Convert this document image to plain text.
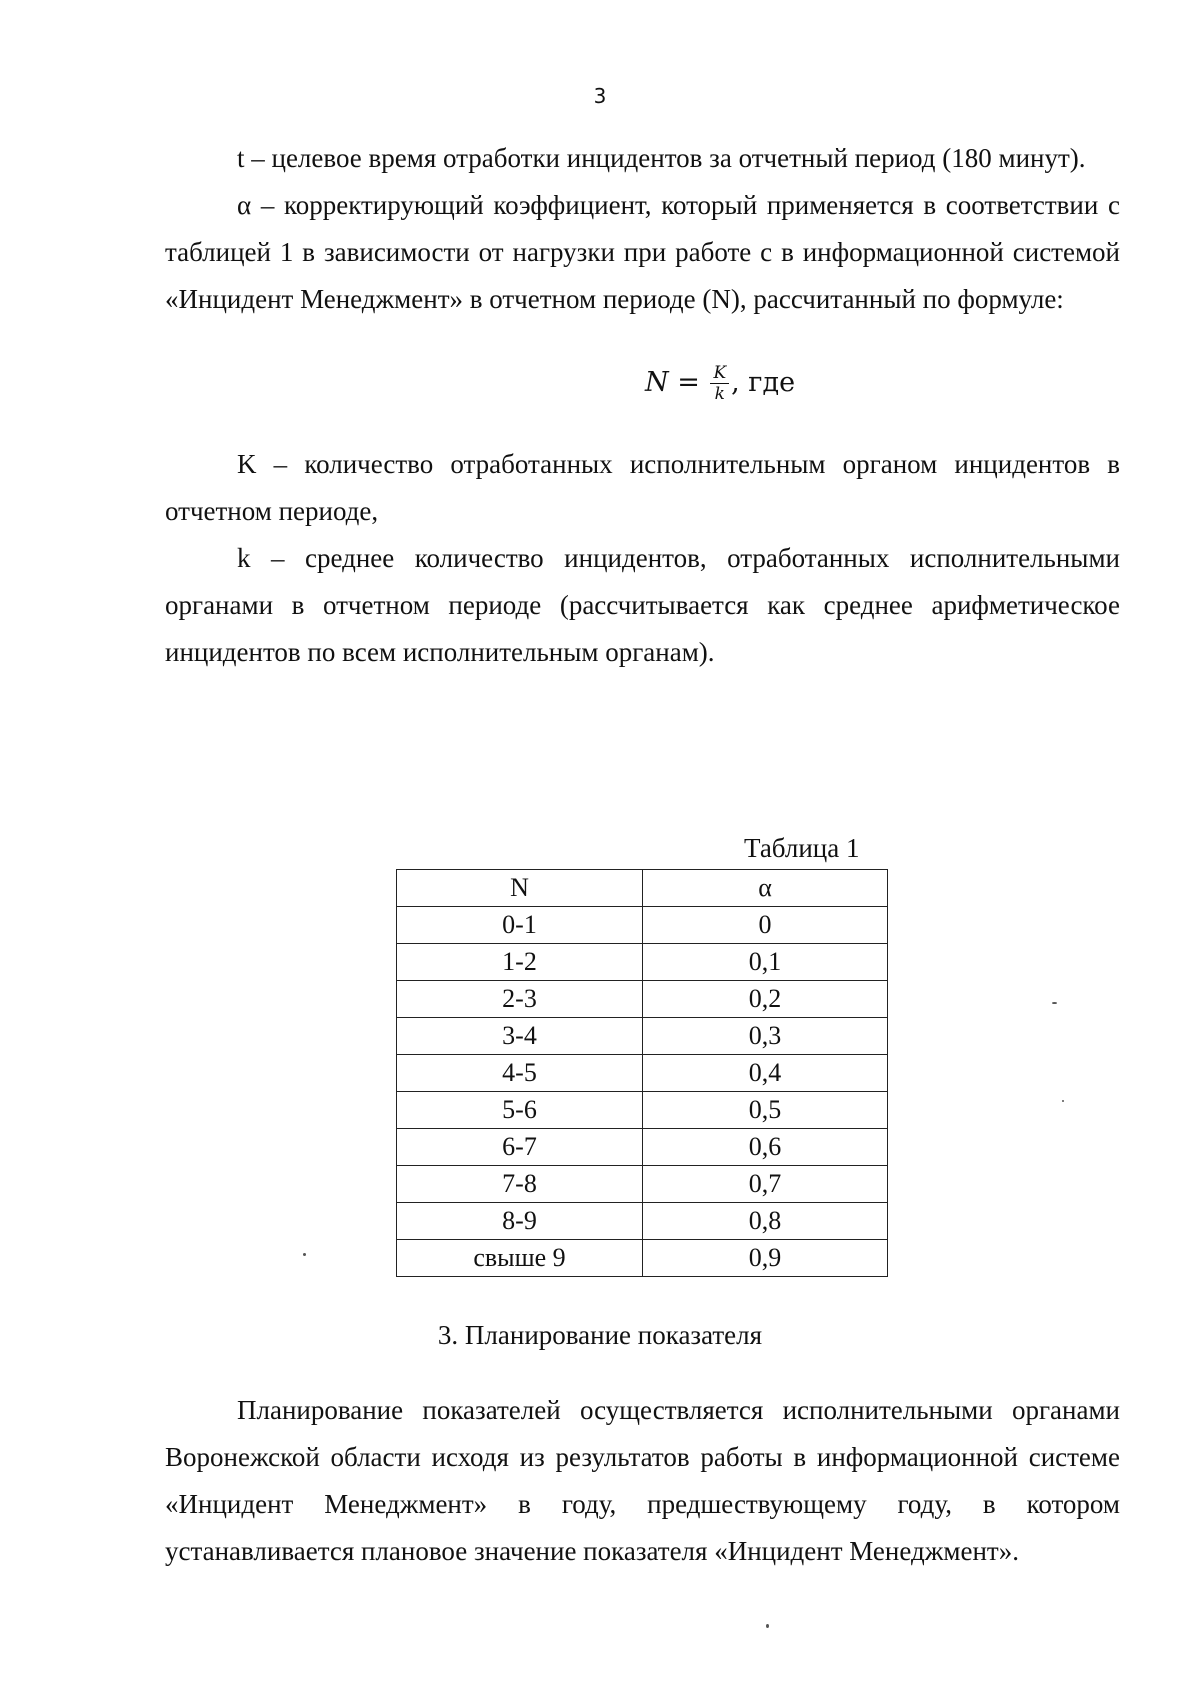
3

t – целевое время отработки инцидентов за отчетный период (180 минут).

α – корректирующий коэффициент, который применяется в соответствии с таблицей 1 в зависимости от нагрузки при работе с в информационной системой «Инцидент Менеджмент» в отчетном периоде (N), рассчитанный по формуле:

$N = \frac{K}{k}$ , где

K – количество отработанных исполнительным органом инцидентов в отчетном периоде,

k – среднее количество инцидентов, отработанных исполнительными органами в отчетном периоде (рассчитывается как среднее арифметическое инцидентов по всем исполнительным органам).

Таблица 1
N	α
0-1	0
1-2	0,1
2-3	0,2
3-4	0,3
4-5	0,4
5-6	0,5
6-7	0,6
7-8	0,7
8-9	0,8
свыше 9	0,9
3. Планирование показателя

Планирование показателей осуществляется исполнительными органами Воронежской области исходя из результатов работы в информационной системе «Инцидент Менеджмент» в году, предшествующему году, в котором устанавливается плановое значение показателя «Инцидент Менеджмент».
